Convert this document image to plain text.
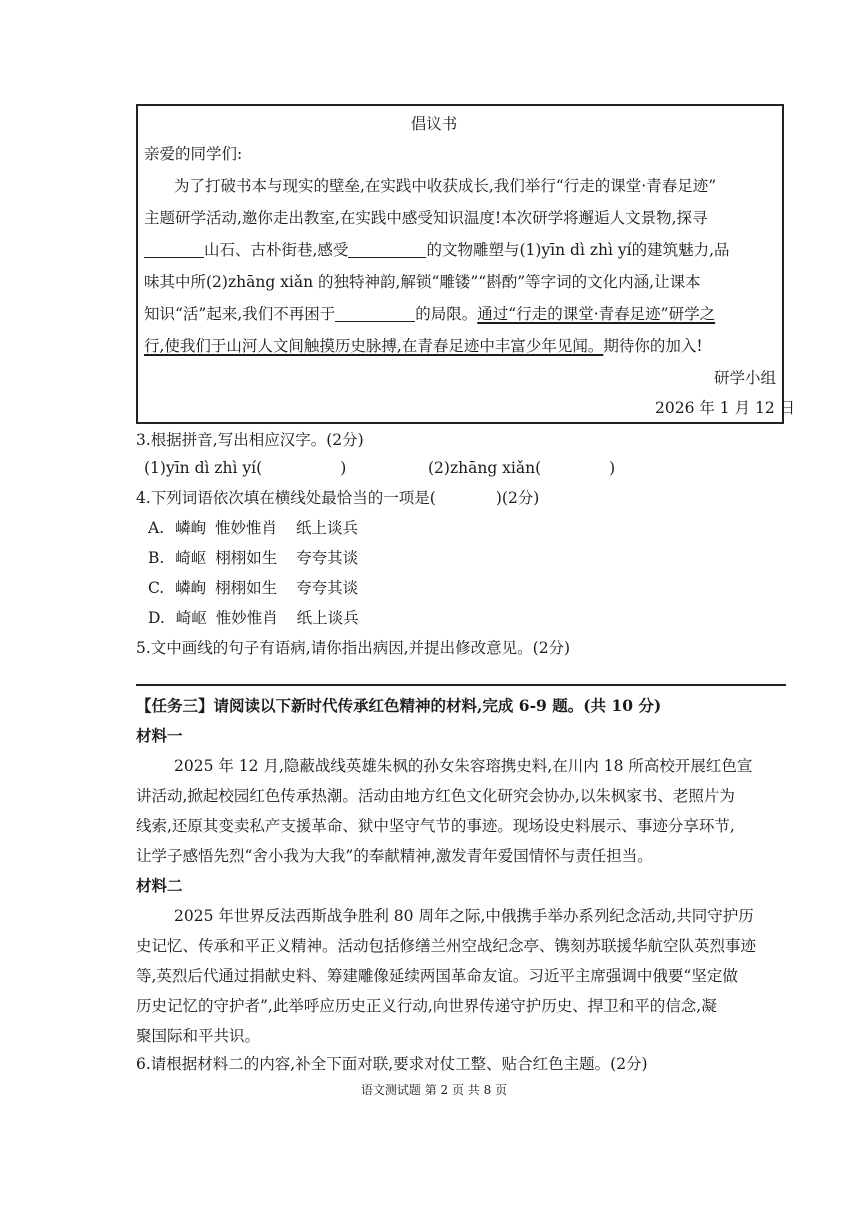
倡议书
亲爱的同学们:
为了打破书本与现实的壁垒,在实践中收获成长,我们举行“行走的课堂·青春足迹”
主题研学活动,邀你走出教室,在实践中感受知识温度!本次研学将邂逅人文景物,探寻
山石、古朴街巷,感受	的文物雕塑与(1)yīn dì zhì yí的建筑魅力,品
味其中所(2)zhāng xiǎn 的独特神韵,解锁“雕镂”“斟酌”等字词的文化内涵,让课本
知识“活”起来,我们不再困于	的局限。通过“行走的课堂·青春足迹”研学之
行,使我们于山河人文间触摸历史脉搏,在青春足迹中丰富少年见闻。期待你的加入!
研学小组
2026 年 1 月 12 日
3.根据拼音,写出相应汉字。(2分)
(1)yīn dì zhì yí(	)	(2)zhāng xiǎn(	)
4.下列词语依次填在横线处最恰当的一项是(	)(2分)
A. 嶙峋 惟妙惟肖 纸上谈兵
B. 崎岖 栩栩如生 夸夸其谈
C. 嶙峋 栩栩如生 夸夸其谈
D. 崎岖 惟妙惟肖 纸上谈兵
5.文中画线的句子有语病,请你指出病因,并提出修改意见。(2分)
【任务三】请阅读以下新时代传承红色精神的材料,完成 6-9 题。(共 10 分)
材料一
2025 年 12 月,隐蔽战线英雄朱枫的孙女朱容瑢携史料,在川内 18 所高校开展红色宣
讲活动,掀起校园红色传承热潮。活动由地方红色文化研究会协办,以朱枫家书、老照片为
线索,还原其变卖私产支援革命、狱中坚守气节的事迹。现场设史料展示、事迹分享环节,
让学子感悟先烈“舍小我为大我”的奉献精神,激发青年爱国情怀与责任担当。
材料二
2025 年世界反法西斯战争胜利 80 周年之际,中俄携手举办系列纪念活动,共同守护历
史记忆、传承和平正义精神。活动包括修缮兰州空战纪念亭、镌刻苏联援华航空队英烈事迹
等,英烈后代通过捐献史料、筹建雕像延续两国革命友谊。习近平主席强调中俄要“坚定做
历史记忆的守护者”,此举呼应历史正义行动,向世界传递守护历史、捍卫和平的信念,凝
聚国际和平共识。
6.请根据材料二的内容,补全下面对联,要求对仗工整、贴合红色主题。(2分)
语文测试题 第 2 页 共 8 页
